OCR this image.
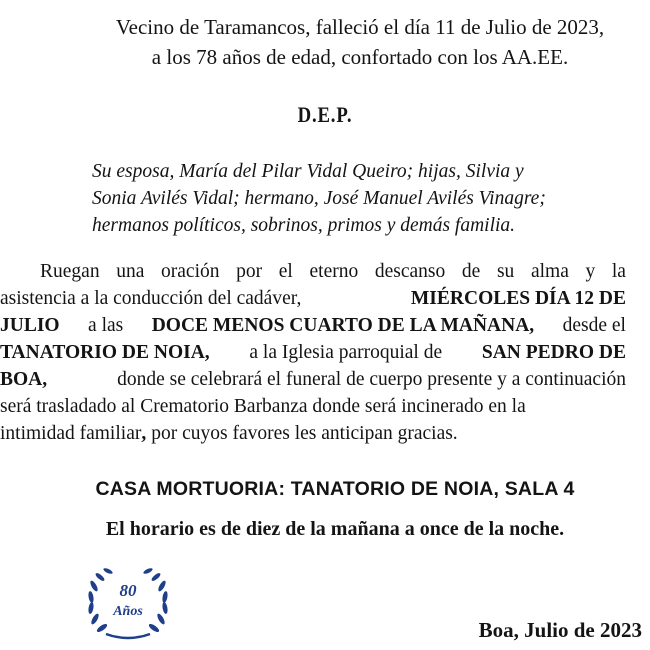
Vecino de Taramancos, falleció el día 11 de Julio de 2023,
a los 78 años de edad, confortado con los AA.EE.
D.E.P.
Su esposa, María del Pilar Vidal Queiro; hijas, Silvia y
Sonia Avilés Vidal; hermano, José Manuel Avilés Vinagre;
hermanos políticos, sobrinos, primos y demás familia.
Ruegan una oración por el eterno descanso de su alma y la
asistencia a la conducción del cadáver,	MIÉRCOLES DÍA 12 DE
JULIO a las DOCE MENOS CUARTO DE LA MAÑANA, desde el
TANATORIO DE NOIA, a la Iglesia parroquial de SAN PEDRO DE
BOA,	donde se celebrará el funeral de cuerpo presente y a continuación
será trasladado al Crematorio Barbanza donde será incinerado en la
intimidad familiar , por cuyos favores les anticipan gracias.
CASA MORTUORIA: TANATORIO DE NOIA, SALA 4
El horario es de diez de la mañana a once de la noche.
80
Años
Boa, Julio de 2023
